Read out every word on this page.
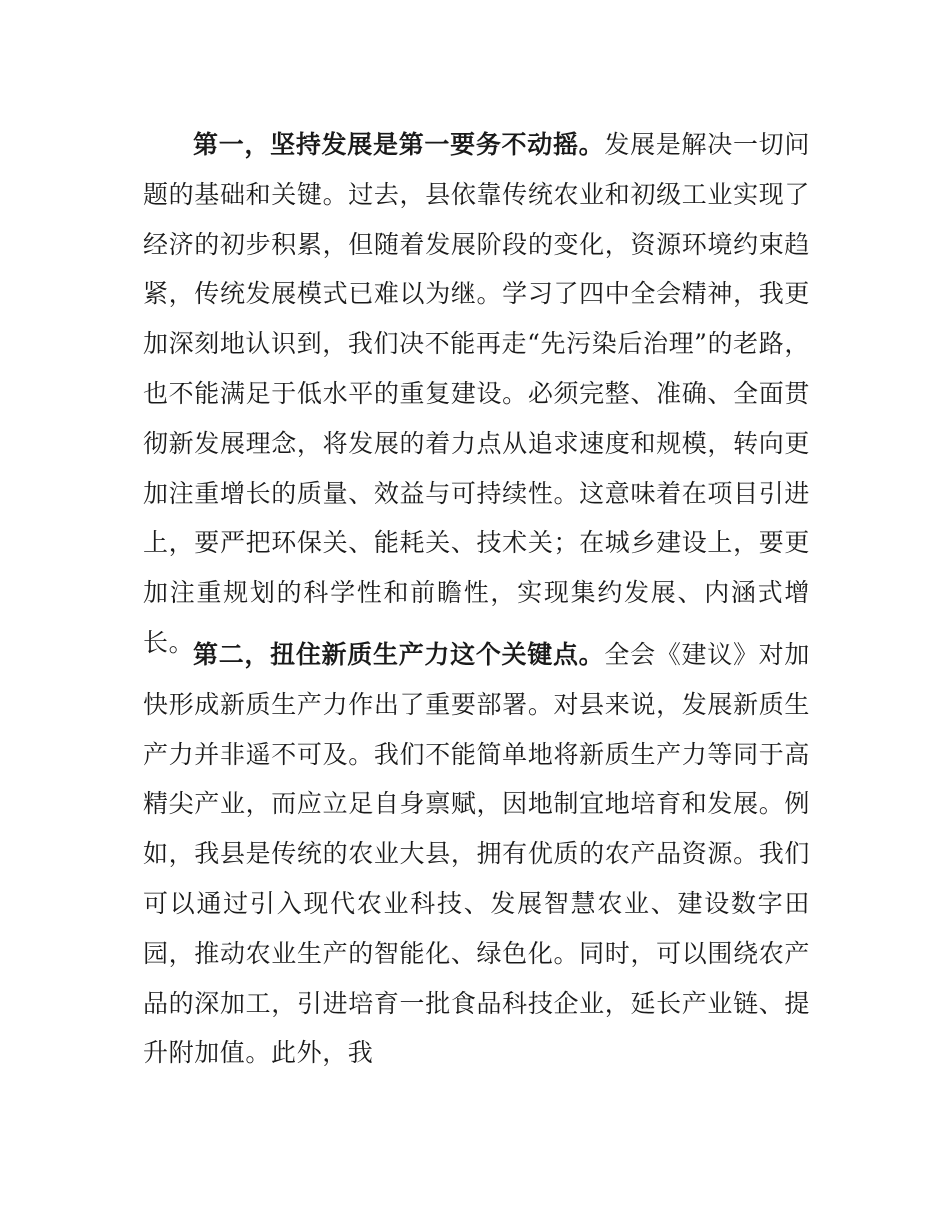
第一，坚持发展是第一要务不动摇。发展是解决一切问题的基础和关键。过去，县依靠传统农业和初级工业实现了经济的初步积累，但随着发展阶段的变化，资源环境约束趋紧，传统发展模式已难以为继。学习了四中全会精神，我更加深刻地认识到，我们决不能再走“先污染后治理”的老路，也不能满足于低水平的重复建设。必须完整、准确、全面贯彻新发展理念，将发展的着力点从追求速度和规模，转向更加注重增长的质量、效益与可持续性。这意味着在项目引进上，要严把环保关、能耗关、技术关；在城乡建设上，要更加注重规划的科学性和前瞻性，实现集约发展、内涵式增长。

第二，扭住新质生产力这个关键点。全会《建议》对加快形成新质生产力作出了重要部署。对县来说，发展新质生产力并非遥不可及。我们不能简单地将新质生产力等同于高精尖产业，而应立足自身禀赋，因地制宜地培育和发展。例如，我县是传统的农业大县，拥有优质的农产品资源。我们可以通过引入现代农业科技、发展智慧农业、建设数字田园，推动农业生产的智能化、绿色化。同时，可以围绕农产品的深加工，引进培育一批食品科技企业，延长产业链、提升附加值。此外，我
